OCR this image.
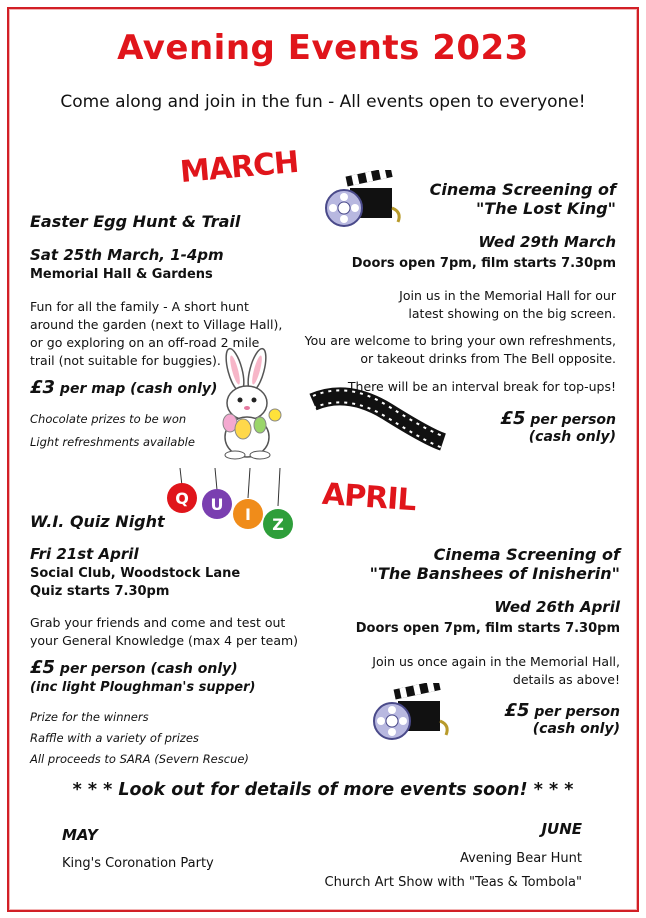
Avening Events 2023
Come along and join in the fun - All events open to everyone!
MARCH
Easter Egg Hunt & Trail
Sat 25th March, 1-4pm
Memorial Hall & Gardens
Fun for all the family - A short hunt
around the garden (next to Village Hall),
or go exploring on an off-road 2 mile
trail (not suitable for buggies).
£3 per map (cash only)
Chocolate prizes to be won
Light refreshments available
Cinema Screening of
"The Lost King"
Wed 29th March
Doors open 7pm, film starts 7.30pm
Join us in the Memorial Hall for our
latest showing on the big screen.
You are welcome to bring your own refreshments,
or takeout drinks from The Bell opposite.
There will be an interval break for top-ups!
£5 per person
(cash only)
Q U
I
Z
APRIL
W.I. Quiz Night
Fri 21st April
Social Club, Woodstock Lane
Quiz starts 7.30pm
Grab your friends and come and test out
your General Knowledge (max 4 per team)
£5 per person (cash only)
(inc light Ploughman's supper)
Prize for the winners
Raffle with a variety of prizes
All proceeds to SARA (Severn Rescue)
Cinema Screening of
"The Banshees of Inisherin"
Wed 26th April
Doors open 7pm, film starts 7.30pm
Join us once again in the Memorial Hall,
details as above!
£5 per person
(cash only)
* * * Look out for details of more events soon! * * *
MAY
King's Coronation Party
JUNE
Avening Bear Hunt
Church Art Show with "Teas & Tombola"
